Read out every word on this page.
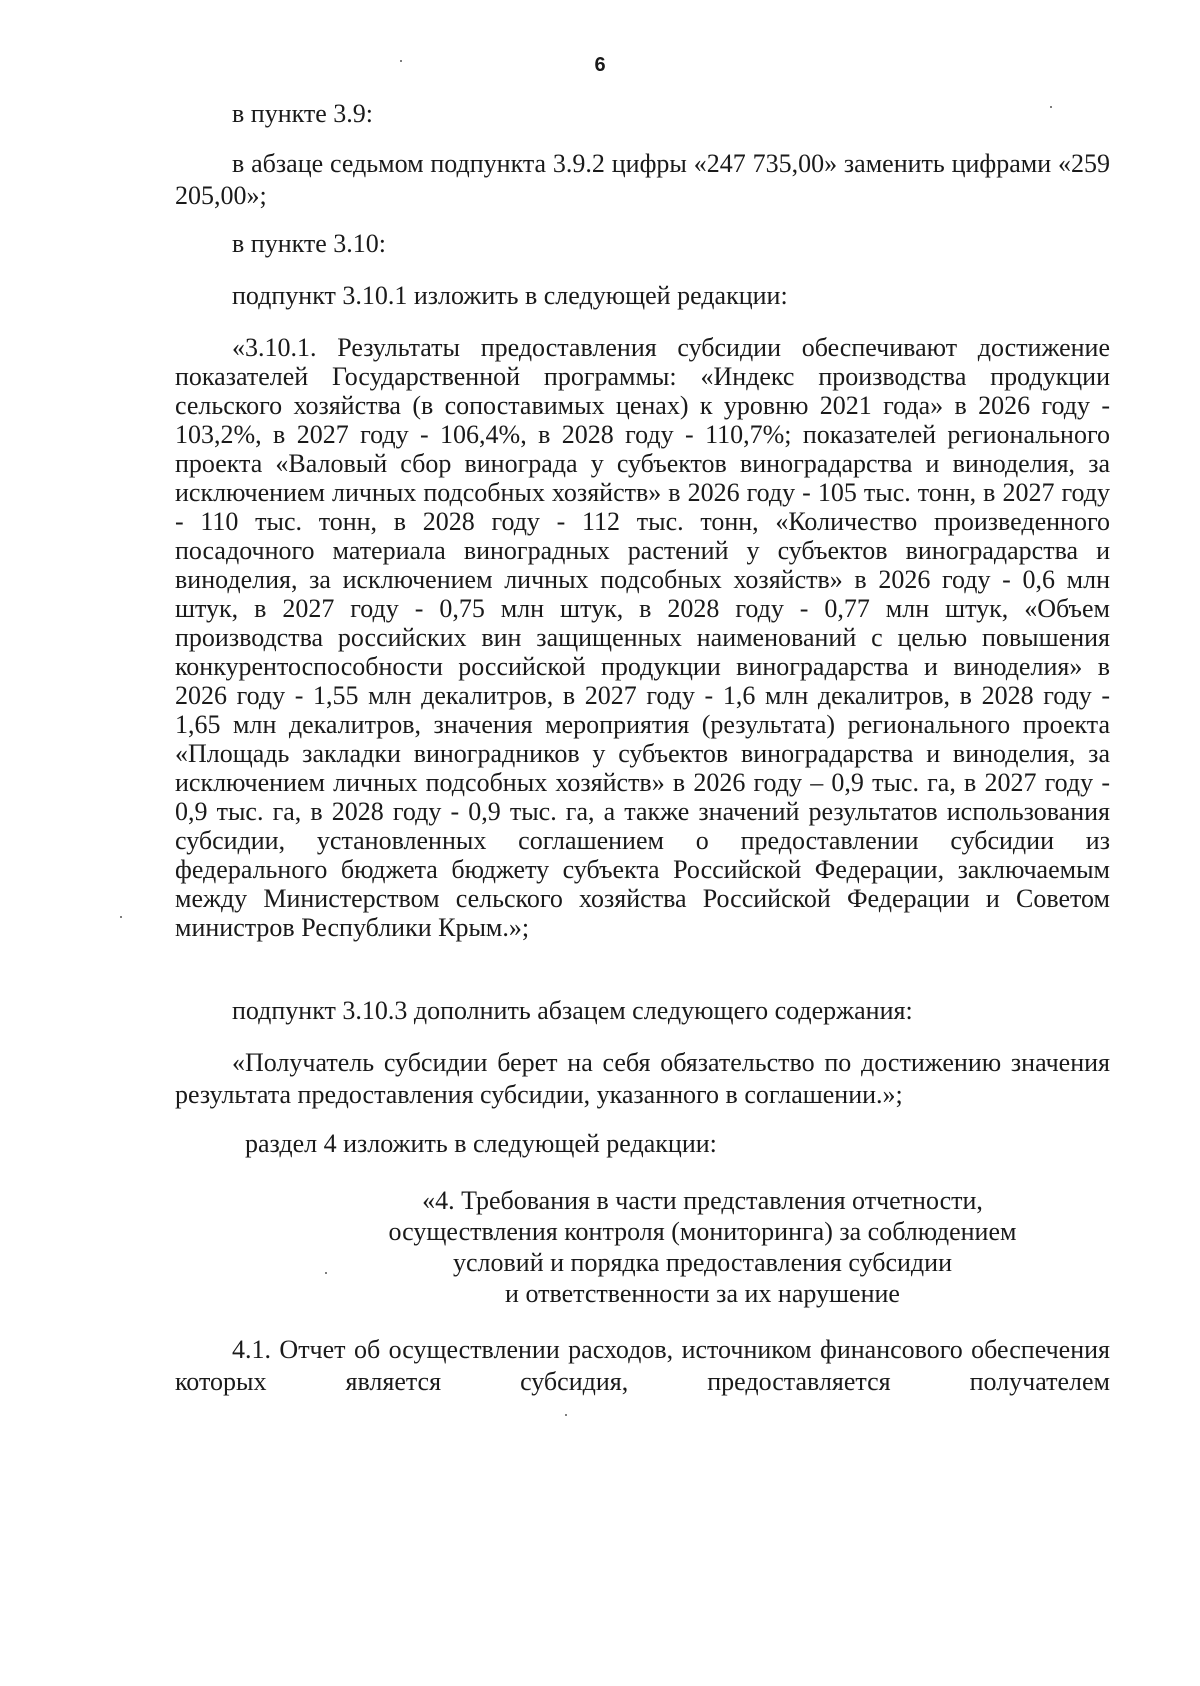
6

в пункте 3.9:

в абзаце седьмом подпункта 3.9.2 цифры «247 735,00» заменить цифрами «259 205,00»;

в пункте 3.10:

подпункт 3.10.1 изложить в следующей редакции:

«3.10.1. Результаты предоставления субсидии обеспечивают достижение показателей Государственной программы: «Индекс производства продукции сельского хозяйства (в сопоставимых ценах) к уровню 2021 года» в 2026 году - 103,2%, в 2027 году - 106,4%, в 2028 году - 110,7%; показателей регионального проекта «Валовый сбор винограда у субъектов виноградарства и виноделия, за исключением личных подсобных хозяйств» в 2026 году - 105 тыс. тонн, в 2027 году - 110 тыс. тонн, в 2028 году - 112 тыс. тонн, «Количество произведенного посадочного материала виноградных растений у субъектов виноградарства и виноделия, за исключением личных подсобных хозяйств» в 2026 году - 0,6 млн штук, в 2027 году - 0,75 млн штук, в 2028 году - 0,77 млн штук, «Объем производства российских вин защищенных наименований с целью повышения конкурентоспособности российской продукции виноградарства и виноделия» в 2026 году - 1,55 млн декалитров, в 2027 году - 1,6 млн декалитров, в 2028 году - 1,65 млн декалитров, значения мероприятия (результата) регионального проекта «Площадь закладки виноградников у субъектов виноградарства и виноделия, за исключением личных подсобных хозяйств» в 2026 году – 0,9 тыс. га, в 2027 году - 0,9 тыс. га, в 2028 году - 0,9 тыс. га, а также значений результатов использования субсидии, установленных соглашением о предоставлении субсидии из федерального бюджета бюджету субъекта Российской Федерации, заключаемым между Министерством сельского хозяйства Российской Федерации и Советом министров Республики Крым.»;

подпункт 3.10.3 дополнить абзацем следующего содержания:

«Получатель субсидии берет на себя обязательство по достижению значения результата предоставления субсидии, указанного в соглашении.»;

раздел 4 изложить в следующей редакции:

«4. Требования в части представления отчетности,
осуществления контроля (мониторинга) за соблюдением
условий и порядка предоставления субсидии
и ответственности за их нарушение

4.1. Отчет об осуществлении расходов, источником финансового обеспечения которых является субсидия, предоставляется получателем
